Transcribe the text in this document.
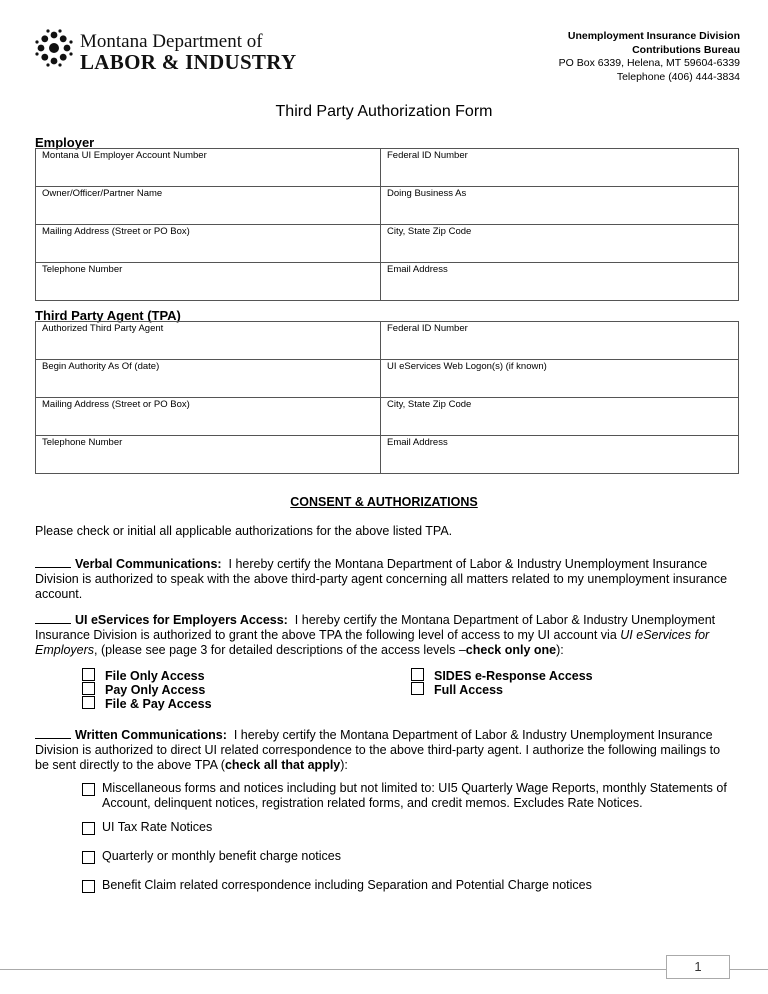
Montana Department of
LABOR & INDUSTRY
Unemployment Insurance Division
Contributions Bureau
PO Box 6339, Helena, MT 59604-6339
Telephone (406) 444-3834
Third Party Authorization Form
Employer
Montana UI Employer Account Number	Federal ID Number
Owner/Officer/Partner Name	Doing Business As
Mailing Address (Street or PO Box)	City, State Zip Code
Telephone Number	Email Address
Third Party Agent (TPA)
Authorized Third Party Agent	Federal ID Number
Begin Authority As Of (date)	UI eServices Web Logon(s) (if known)
Mailing Address (Street or PO Box)	City, State Zip Code
Telephone Number	Email Address
CONSENT & AUTHORIZATIONS
Please check or initial all applicable authorizations for the above listed TPA.
Verbal Communications: I hereby certify the Montana Department of Labor & Industry Unemployment Insurance Division is authorized to speak with the above third-party agent concerning all matters related to my unemployment insurance account.
UI eServices for Employers Access: I hereby certify the Montana Department of Labor & Industry Unemployment Insurance Division is authorized to grant the above TPA the following level of access to my UI account via UI eServices for Employers, (please see page 3 for detailed descriptions of the access levels –check only one):
File Only Access
Pay Only Access
File & Pay Access
SIDES e-Response Access
Full Access
Written Communications: I hereby certify the Montana Department of Labor & Industry Unemployment Insurance Division is authorized to direct UI related correspondence to the above third-party agent. I authorize the following mailings to be sent directly to the above TPA (check all that apply):
Miscellaneous forms and notices including but not limited to: UI5 Quarterly Wage Reports, monthly Statements of Account, delinquent notices, registration related forms, and credit memos. Excludes Rate Notices.
UI Tax Rate Notices
Quarterly or monthly benefit charge notices
Benefit Claim related correspondence including Separation and Potential Charge notices
1
